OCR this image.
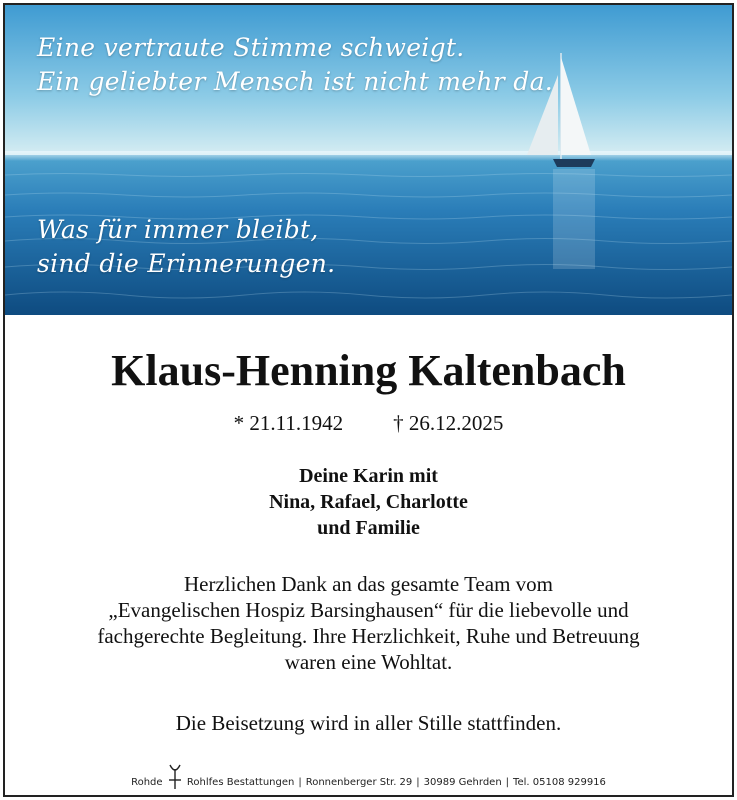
Eine vertraute Stimme schweigt.
Ein geliebter Mensch ist nicht mehr da.
Was für immer bleibt,
sind die Erinnerungen.
Klaus-Henning Kaltenbach
* 21.11.1942 † 26.12.2025
Deine Karin mit
Nina, Rafael, Charlotte
und Familie
Herzlichen Dank an das gesamte Team vom
„Evangelischen Hospiz Barsinghausen“ für die liebevolle und
fachgerechte Begleitung. Ihre Herzlichkeit, Ruhe und Betreuung
waren eine Wohltat.
Die Beisetzung wird in aller Stille stattfinden.
Rohde Rohlfes Bestattungen | Ronnenberger Str. 29 | 30989 Gehrden | Tel. 05108 929916
